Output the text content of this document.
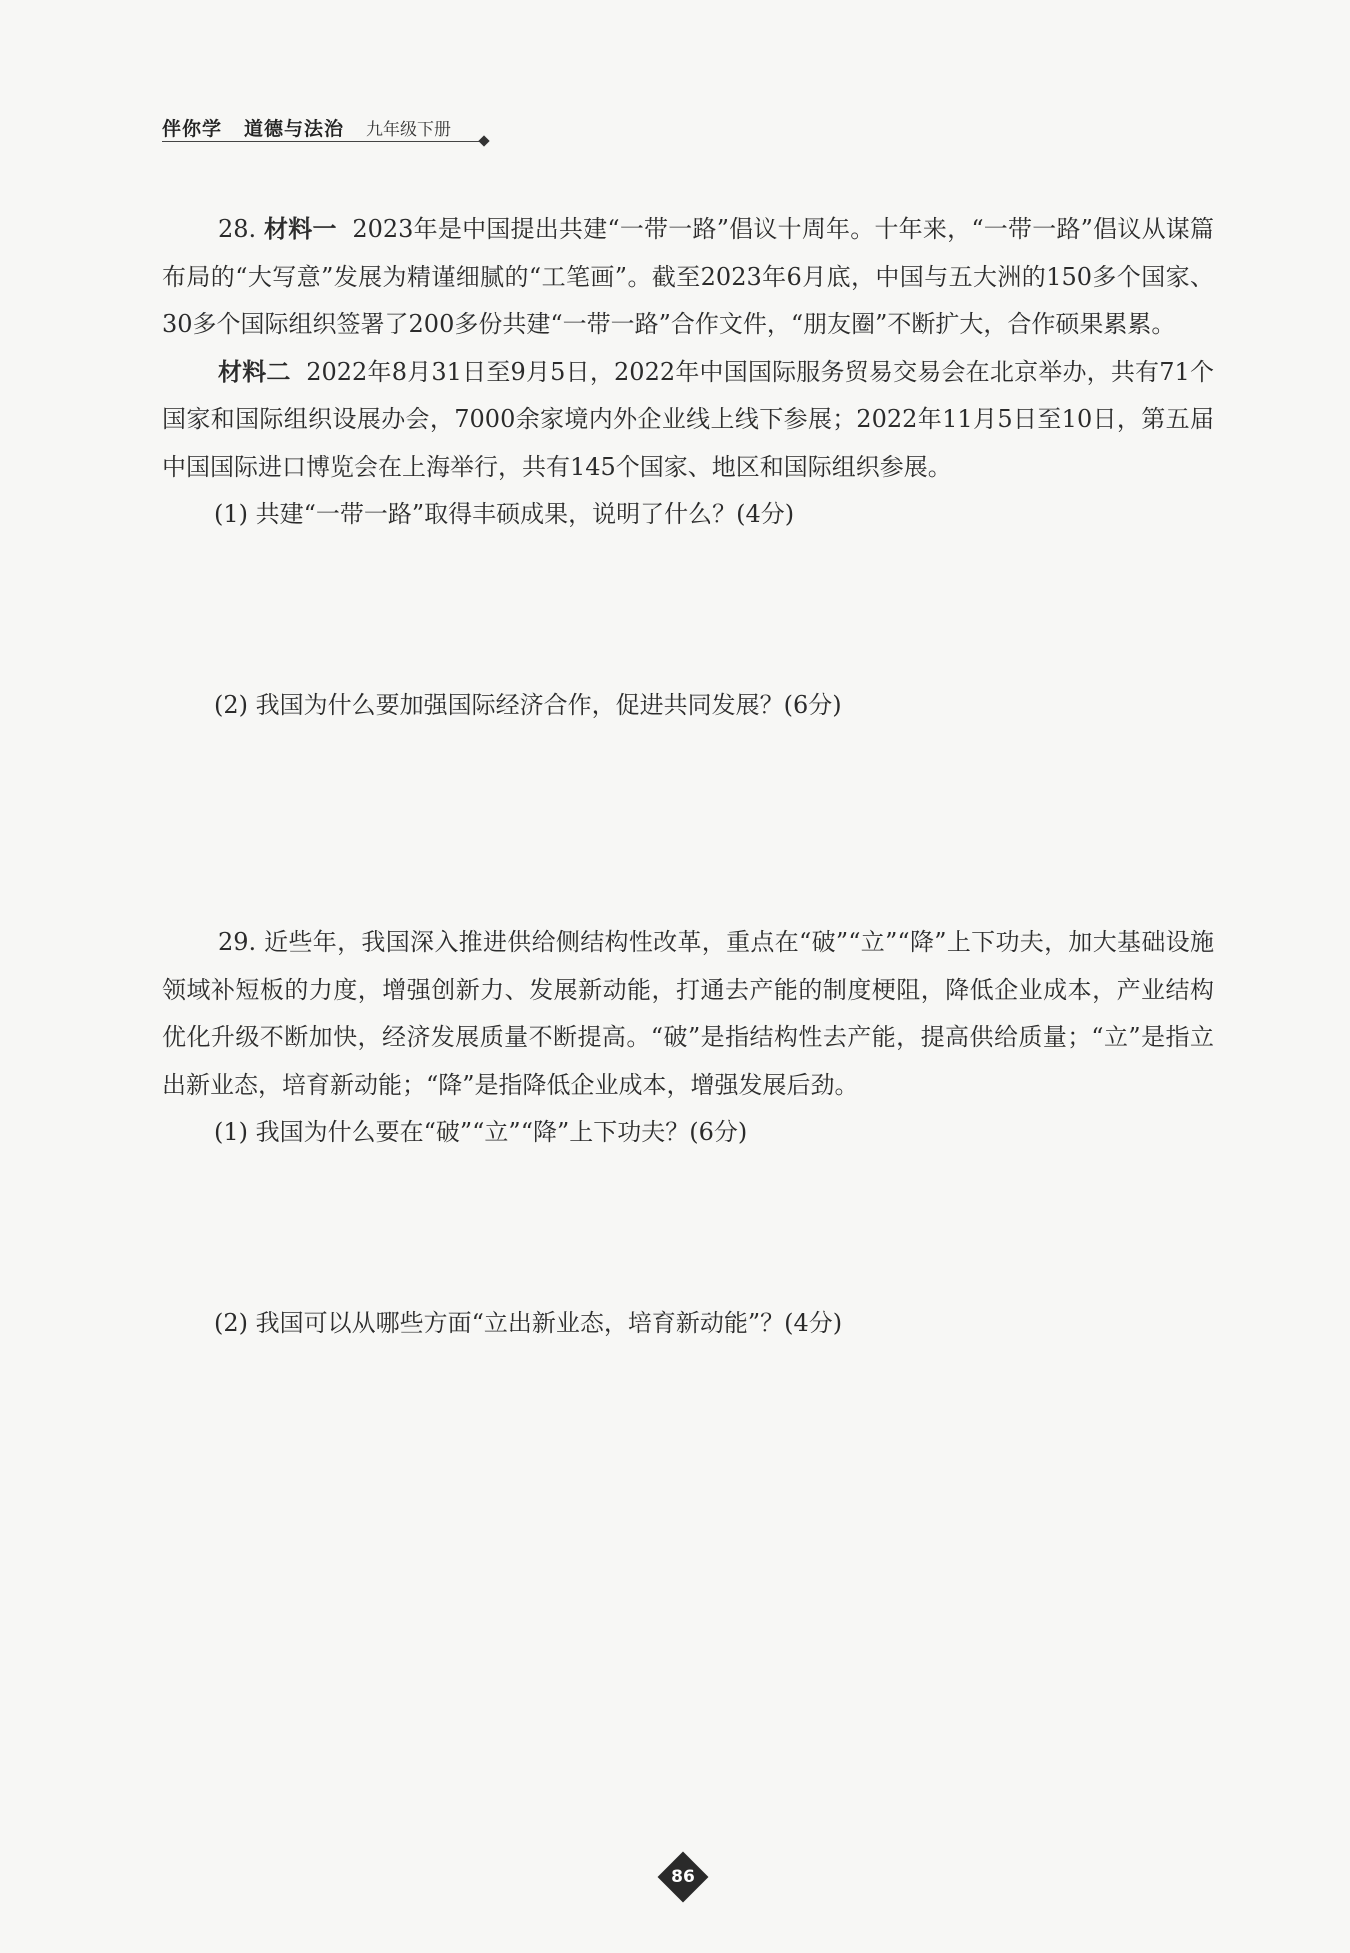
伴你学 道德与法治 九年级下册

28. 材料一 2023年是中国提出共建“一带一路”倡议十周年。十年来，“一带一路”倡议从谋篇布局的“大写意”发展为精谨细腻的“工笔画”。截至2023年6月底，中国与五大洲的150多个国家、30多个国际组织签署了200多份共建“一带一路”合作文件，“朋友圈”不断扩大，合作硕果累累。

材料二 2022年8月31日至9月5日，2022年中国国际服务贸易交易会在北京举办，共有71个国家和国际组织设展办会，7000余家境内外企业线上线下参展；2022年11月5日至10日，第五届中国国际进口博览会在上海举行，共有145个国家、地区和国际组织参展。

(1) 共建“一带一路”取得丰硕成果，说明了什么？(4分)

(2) 我国为什么要加强国际经济合作，促进共同发展？(6分)

29. 近些年，我国深入推进供给侧结构性改革，重点在“破”“立”“降”上下功夫，加大基础设施领域补短板的力度，增强创新力、发展新动能，打通去产能的制度梗阻，降低企业成本，产业结构优化升级不断加快，经济发展质量不断提高。“破”是指结构性去产能，提高供给质量；“立”是指立出新业态，培育新动能；“降”是指降低企业成本，增强发展后劲。

(1) 我国为什么要在“破”“立”“降”上下功夫？(6分)

(2) 我国可以从哪些方面“立出新业态，培育新动能”？(4分)

86
